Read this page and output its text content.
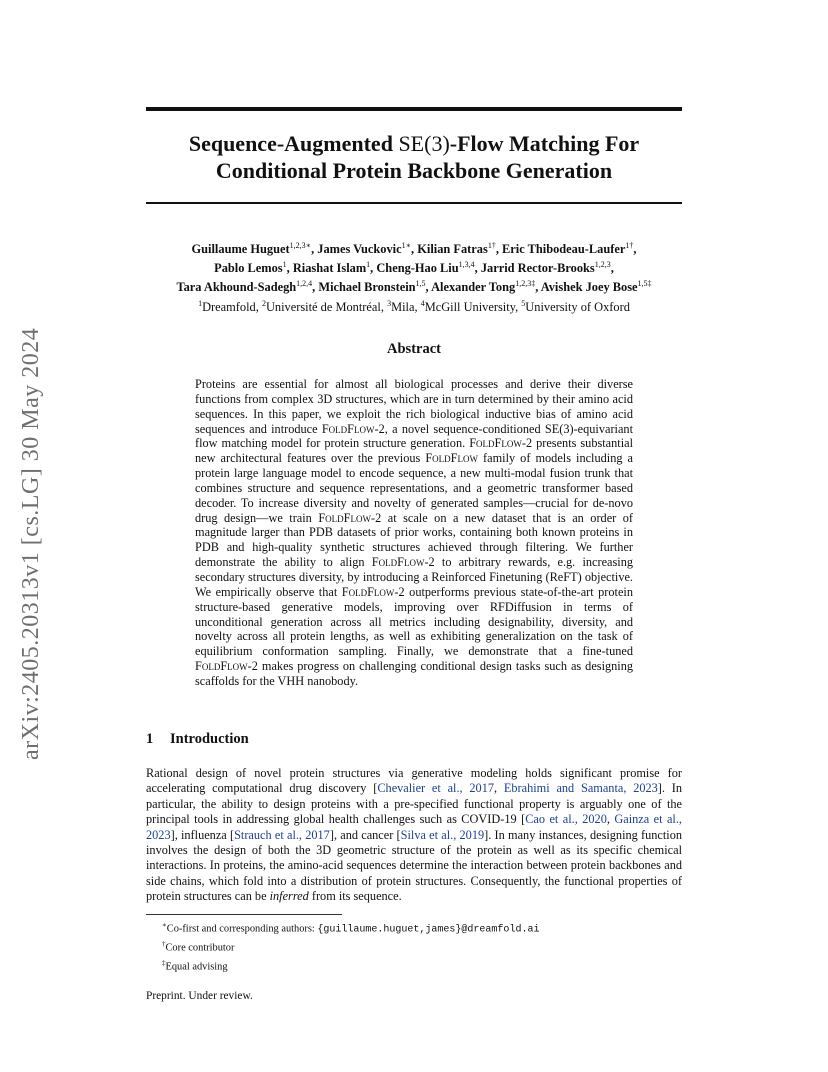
arXiv:2405.20313v1 [cs.LG] 30 May 2024
Sequence-Augmented SE(3)-Flow Matching For
Conditional Protein Backbone Generation
Guillaume Huguet$^{1,2,3∗}$, James Vuckovic$^{1∗}$, Kilian Fatras$^{1\dagger}$, Eric Thibodeau-Laufer$^{1\dagger}$,
Pablo Lemos$^1$, Riashat Islam$^1$, Cheng-Hao Liu$^{1,3,4}$, Jarrid Rector-Brooks$^{1,2,3}$,
Tara Akhound-Sadegh$^{1,2,4}$, Michael Bronstein$^{1,5}$, Alexander Tong$^{1,2,3\ddagger}$, Avishek Joey Bose$^{1,5\ddagger}$
$^1$Dreamfold, $^2$Université de Montréal, $^3$Mila, $^4$McGill University, $^5$University of Oxford
Abstract
Proteins are essential for almost all biological processes and derive their diverse functions from complex 3D structures, which are in turn determined by their amino acid sequences. In this paper, we exploit the rich biological inductive bias of amino acid sequences and introduce FoldFlow-2, a novel sequence-conditioned SE(3)-equivariant flow matching model for protein structure generation. FoldFlow-2 presents substantial new architectural features over the previous FoldFlow family of models including a protein large language model to encode sequence, a new multi-modal fusion trunk that combines structure and sequence representations, and a geometric transformer based decoder. To increase diversity and novelty of generated samples—crucial for de-novo drug design—we train FoldFlow-2 at scale on a new dataset that is an order of magnitude larger than PDB datasets of prior works, containing both known proteins in PDB and high-quality synthetic structures achieved through filtering. We further demonstrate the ability to align FoldFlow-2 to arbitrary rewards, e.g. increasing secondary structures diversity, by introducing a Reinforced Finetuning (ReFT) objective. We empirically observe that FoldFlow-2 outperforms previous state-of-the-art protein structure-based generative models, improving over RFDiffusion in terms of unconditional generation across all metrics including designability, diversity, and novelty across all protein lengths, as well as exhibiting generalization on the task of equilibrium conformation sampling. Finally, we demonstrate that a fine-tuned FoldFlow-2 makes progress on challenging conditional design tasks such as designing scaffolds for the VHH nanobody.
1 Introduction
Rational design of novel protein structures via generative modeling holds significant promise for accelerating computational drug discovery [Chevalier et al., 2017, Ebrahimi and Samanta, 2023]. In particular, the ability to design proteins with a pre-specified functional property is arguably one of the principal tools in addressing global health challenges such as COVID-19 [Cao et al., 2020, Gainza et al., 2023], influenza [Strauch et al., 2017], and cancer [Silva et al., 2019]. In many instances, designing function involves the design of both the 3D geometric structure of the protein as well as its specific chemical interactions. In proteins, the amino-acid sequences determine the interaction between protein backbones and side chains, which fold into a distribution of protein structures. Consequently, the functional properties of protein structures can be inferred from its sequence.
∗Co-first and corresponding authors: {guillaume.huguet,james}@dreamfold.ai
†Core contributor
‡Equal advising
Preprint. Under review.
